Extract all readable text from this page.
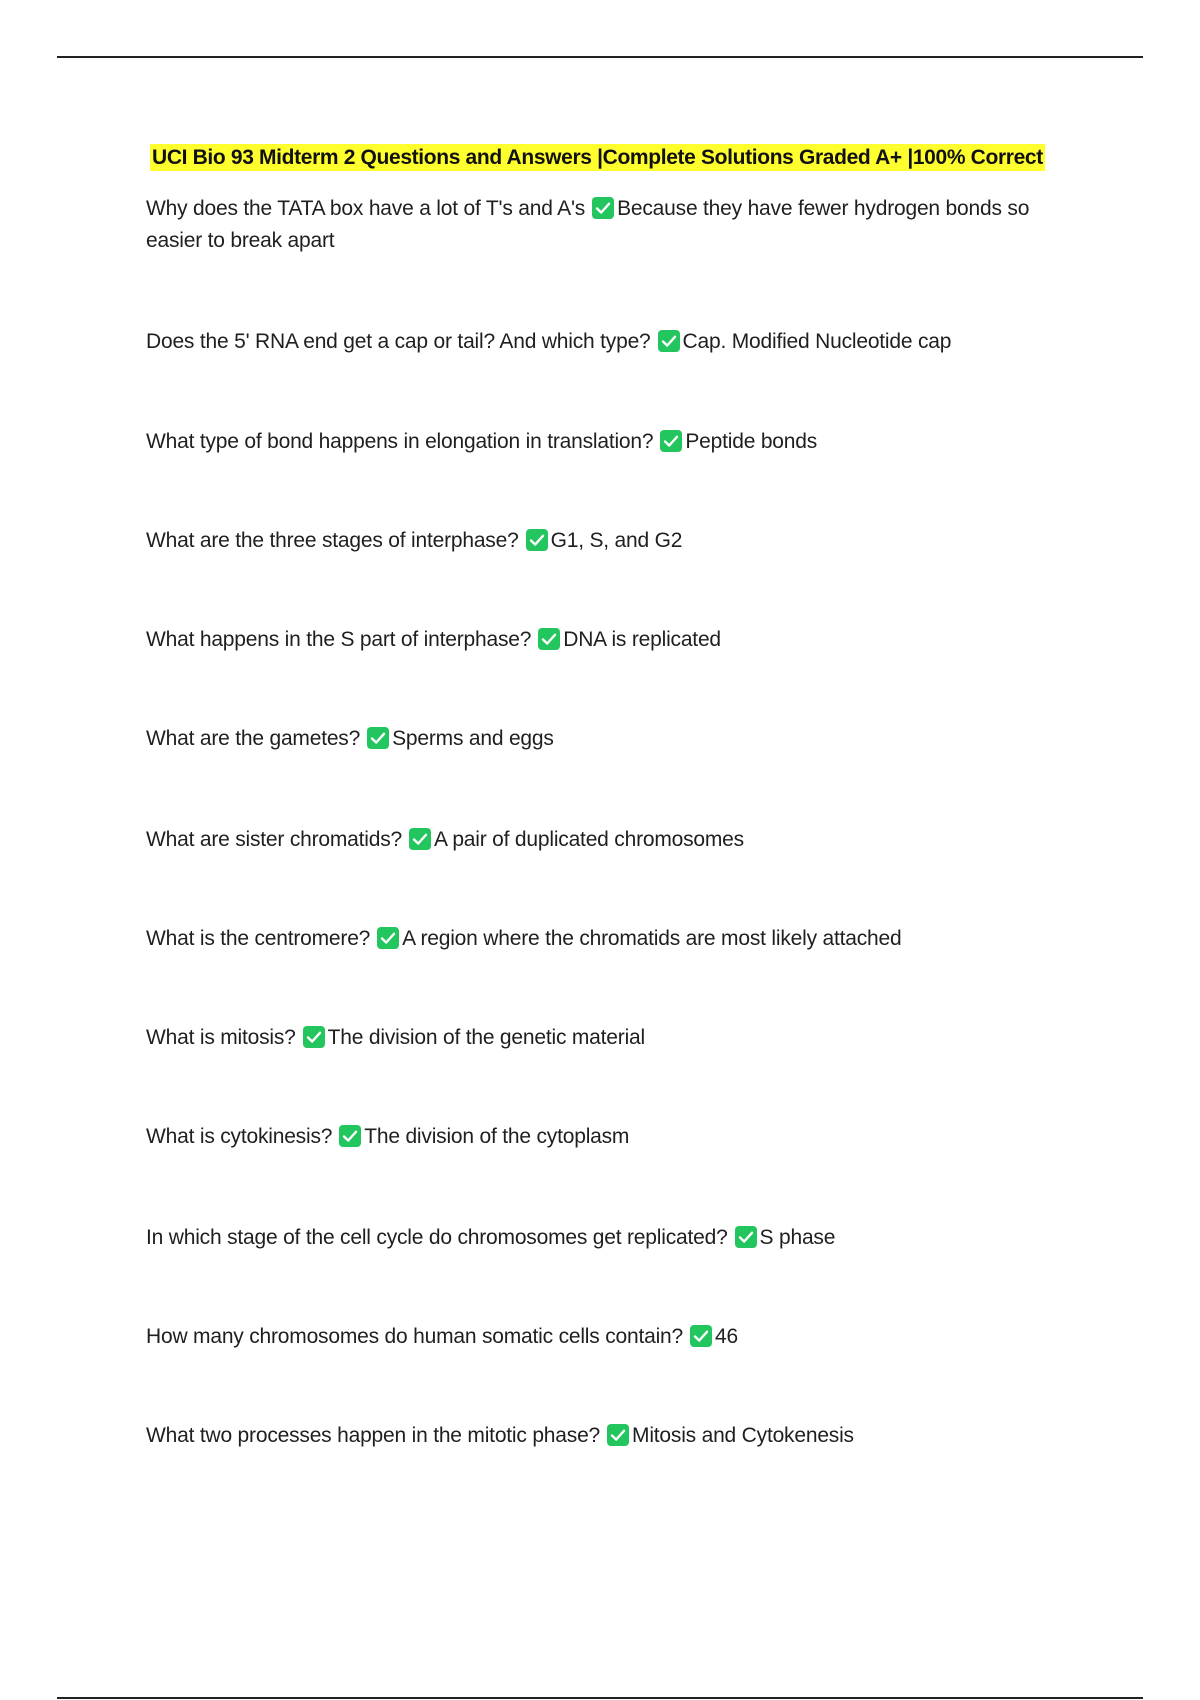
UCI Bio 93 Midterm 2 Questions and Answers |Complete Solutions Graded A+ |100% Correct
Why does the TATA box have a lot of T's and A's Because they have fewer hydrogen bonds so easier to break apart
Does the 5' RNA end get a cap or tail? And which type? Cap. Modified Nucleotide cap
What type of bond happens in elongation in translation? Peptide bonds
What are the three stages of interphase? G1, S, and G2
What happens in the S part of interphase? DNA is replicated
What are the gametes? Sperms and eggs
What are sister chromatids? A pair of duplicated chromosomes
What is the centromere? A region where the chromatids are most likely attached
What is mitosis? The division of the genetic material
What is cytokinesis? The division of the cytoplasm
In which stage of the cell cycle do chromosomes get replicated? S phase
How many chromosomes do human somatic cells contain? 46
What two processes happen in the mitotic phase? Mitosis and Cytokenesis
